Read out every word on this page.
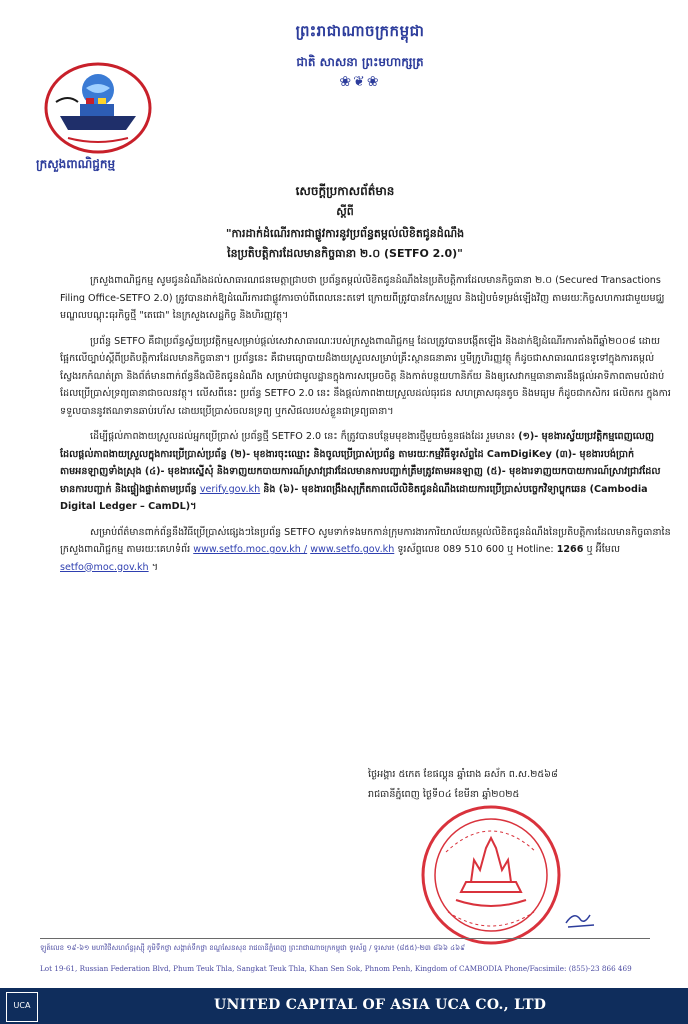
ព្រះរាជាណាចក្រកម្ពុជា
ជាតិ សាសនា ព្រះមហាក្សត្រ
❀❦❀
ក្រសួងពាណិជ្ជកម្ម
សេចក្តីប្រកាសព័ត៌មាន
ស្តីពី
"ការដាក់ដំណើរការជាផ្លូវការនូវប្រព័ន្ធតម្កល់លិខិតជូនដំណឹង
នៃប្រតិបត្តិការដែលមានកិច្ចធានា ២.០ (SETFO 2.0)"

ក្រសួងពាណិជ្ជកម្ម សូមជូនដំណឹងដល់សាធារណជនមេត្តាជ្រាបថា ប្រព័ន្ធតម្កល់លិខិតជូនដំណឹងនៃប្រតិបត្តិការដែលមានកិច្ចធានា ២.០ (Secured Transactions Filing Office-SETFO 2.0) ត្រូវបានដាក់ឱ្យដំណើរការជាផ្លូវការចាប់ពីពេលនេះតទៅ ក្រោយពីត្រូវបានកែសម្រួល និងរៀបចំទម្រង់ឡើងវិញ តាមរយៈកិច្ចសហការជាមួយមជ្ឈមណ្ឌលបណ្តុះធុរកិច្ចថ្មី "តេជោ" នៃក្រសួងសេដ្ឋកិច្ច និងហិរញ្ញវត្ថុ។

ប្រព័ន្ធ SETFO គឺជាប្រព័ន្ធស្វ័យប្រវត្តិកម្មសម្រាប់ផ្តល់សេវាសាធារណៈរបស់ក្រសួងពាណិជ្ជកម្ម ដែលត្រូវបានបង្កើតឡើង និងដាក់ឱ្យដំណើរការតាំងពីឆ្នាំ២០០៨ ដោយផ្អែកលើច្បាប់ស្តីពីប្រតិបត្តិការដែលមានកិច្ចធានា។ ប្រព័ន្ធនេះ គឺជាមធ្យោបាយដ៏ងាយស្រួលសម្រាប់គ្រឹះស្ថានធនាគារ ឬមីក្រូហិរញ្ញវត្ថុ ក៏ដូចជាសាធារណជនទូទៅក្នុងការតម្កល់ ស្វែងរកកំណត់ត្រា និងព័ត៌មានពាក់ព័ន្ធនឹងលិខិតជូនដំណឹង សម្រាប់ជាមូលដ្ឋានក្នុងការសម្រេចចិត្ត និងកាត់បន្ថយហានិភ័យ និងឲ្យសេវាកម្មធានាគារនឹងផ្តល់អាទិភាពតាមលំដាប់ ដែលប្រើប្រាស់ទ្រព្យធានាជាចលនវត្ថុ។ លើសពីនេះ ប្រព័ន្ធ SETFO 2.0 នេះ នឹងផ្តល់ភាពងាយស្រួលដល់ធុរជន សហគ្រាសធុនតូច និងមធ្យម ក៏ដូចជាកសិករ ផលិតករ ក្នុងការទទួលបាននូវឥណទានឆាប់រហ័ស ដោយប្រើប្រាស់ចលនទ្រព្យ ឬកសិផលរបស់ខ្លួនជាទ្រព្យធានា។

ដើម្បីផ្តល់ភាពងាយស្រួលដល់អ្នកប្រើប្រាស់ ប្រព័ន្ធថ្មី SETFO 2.0 នេះ ក៏ត្រូវបានបន្ថែមមុខងារថ្មីមួយចំនួនផងដែរ រួមមាន៖ (១)- មុខងារស្វ័យប្រវត្តិកម្មពេញលេញ ដែលផ្តល់ភាពងាយស្រួលក្នុងការប្រើប្រាស់ប្រព័ន្ធ (២)- មុខងារចុះឈ្មោះ និងចូលប្រើប្រាស់ប្រព័ន្ធ តាមរយៈកម្មវិធីទូរស័ព្ទដៃ CamDigiKey (៣)- មុខងារបង់ប្រាក់តាមអនឡាញទាំងស្រុង (៤)- មុខងារស្នើសុំ និងទាញយកបាយការណ៍ស្រាវជ្រាវដែលមានការបញ្ជាក់ត្រឹមត្រូវតាមអនឡាញ (៥)- មុខងារទាញយកបាយការណ៍ស្រាវជ្រាវដែលមានការបញ្ជាក់ និងផ្ទៀងផ្ទាត់តាមប្រព័ន្ធ verify.gov.kh និង (៦)- មុខងារពង្រឹងសុក្រឹតភាពលើលិខិតជូនដំណឹងដោយការប្រើប្រាស់បច្ចេកវិទ្យាប្លុកឆេន (Cambodia Digital Ledger – CamDL)។

សម្រាប់ព័ត៌មានពាក់ព័ន្ធនឹងវិធីប្រើប្រាស់ផ្សេងៗនៃប្រព័ន្ធ SETFO សូមទាក់ទងមកកាន់ក្រុមការងារការិយាល័យតម្កល់លិខិតជូនដំណឹងនៃប្រតិបត្តិការដែលមានកិច្ចធានានៃក្រសួងពាណិជ្ជកម្ម តាមរយៈគេហទំព័រ www.setfo.moc.gov.kh / www.setfo.gov.kh ទូរស័ព្ទលេខ 089 510 600 ឬ Hotline: 1266 ឬ អ៊ីមែល setfo@moc.gov.kh ។

ថ្ងៃអង្គារ ៥កេត ខែផល្គុន ឆ្នាំរោង ឆស័ក ព.ស.២៥៦៨
រាជធានីភ្នំពេញ ថ្ងៃទី០៤ ខែមីនា ឆ្នាំ២០២៥
ឡូត៍លេខ ១៩-៦១ មហាវិថីសហព័ន្ធរុស្ស៊ី ភូមិទឹកថ្លា សង្កាត់ទឹកថ្លា ខណ្ឌសែនសុខ រាជធានីភ្នំពេញ ព្រះរាជាណាចក្រកម្ពុជា ទូរស័ព្ទ / ទូរសារ៖ (៨៥៥)-២៣ ៨៦៦ ៤៦៩
Lot 19-61, Russian Federation Blvd, Phum Teuk Thla, Sangkat Teuk Thla, Khan Sen Sok, Phnom Penh, Kingdom of CAMBODIA Phone/Facsimile: (855)-23 866 469
UCA	UNITED CAPITAL OF ASIA UCA CO., LTD
